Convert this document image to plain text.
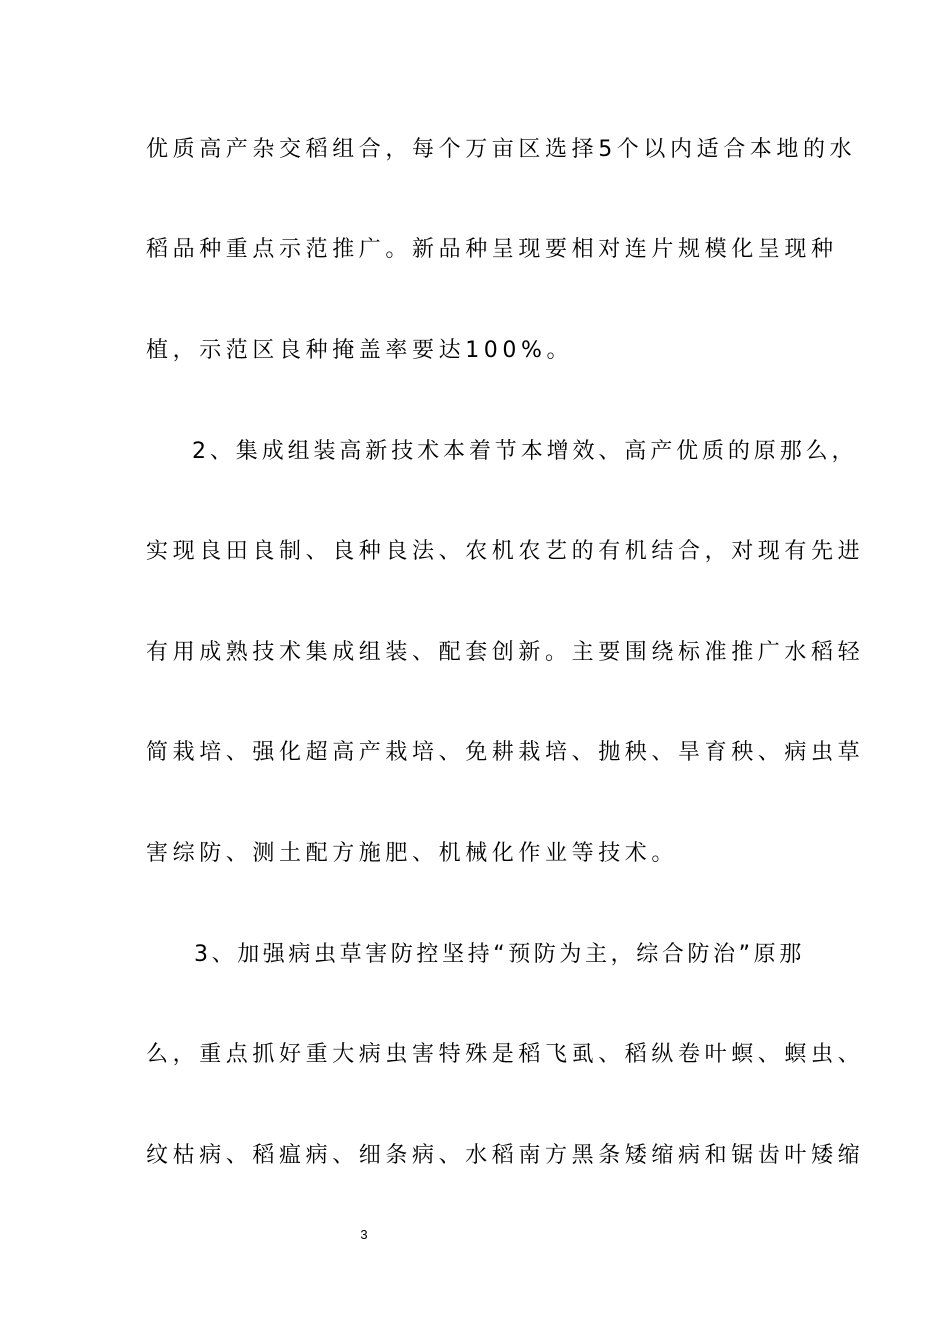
优质高产杂交稻组合，每个万亩区选择5个以内适合本地的水
稻品种重点示范推广。新品种呈现要相对连片规模化呈现种
植，示范区良种掩盖率要达100%。
2、集成组装高新技术本着节本增效、高产优质的原那么，
实现良田良制、良种良法、农机农艺的有机结合，对现有先进
有用成熟技术集成组装、配套创新。主要围绕标准推广水稻轻
简栽培、强化超高产栽培、免耕栽培、抛秧、旱育秧、病虫草
害综防、测土配方施肥、机械化作业等技术。
3、加强病虫草害防控坚持“预防为主，综合防治”原那
么，重点抓好重大病虫害特殊是稻飞虱、稻纵卷叶螟、螟虫、
纹枯病、稻瘟病、细条病、水稻南方黑条矮缩病和锯齿叶矮缩
3
